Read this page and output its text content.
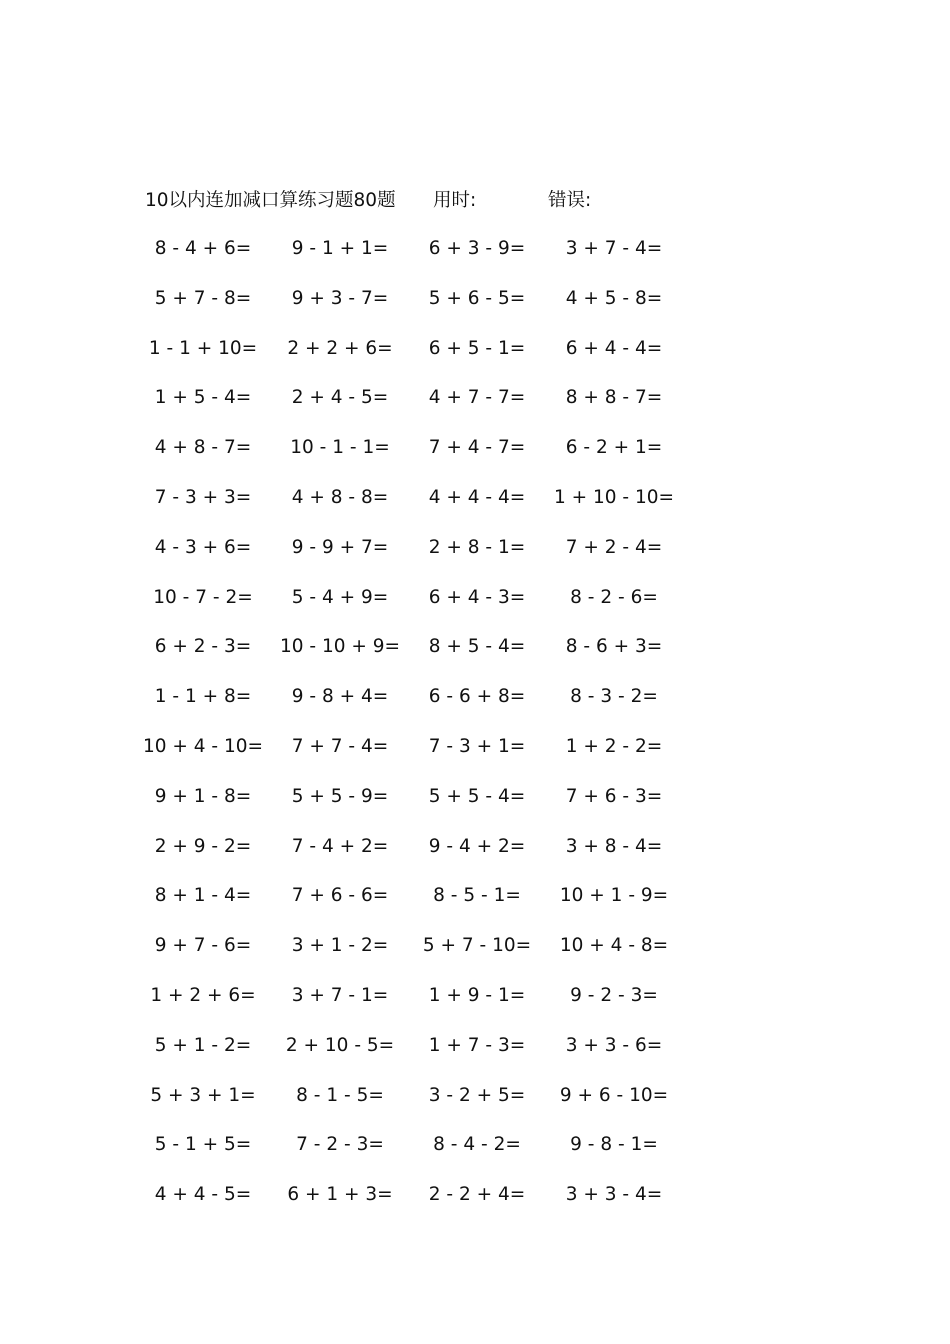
10以内连加减口算练习题80题 用时:	错误:
8 - 4 + 6=	9 - 1 + 1=	6 + 3 - 9=	3 + 7 - 4=
5 + 7 - 8=	9 + 3 - 7=	5 + 6 - 5=	4 + 5 - 8=
1 - 1 + 10=	2 + 2 + 6=	6 + 5 - 1=	6 + 4 - 4=
1 + 5 - 4=	2 + 4 - 5=	4 + 7 - 7=	8 + 8 - 7=
4 + 8 - 7=	10 - 1 - 1=	7 + 4 - 7=	6 - 2 + 1=
7 - 3 + 3=	4 + 8 - 8=	4 + 4 - 4=	1 + 10 - 10=
4 - 3 + 6=	9 - 9 + 7=	2 + 8 - 1=	7 + 2 - 4=
10 - 7 - 2=	5 - 4 + 9=	6 + 4 - 3=	8 - 2 - 6=
6 + 2 - 3=	10 - 10 + 9=	8 + 5 - 4=	8 - 6 + 3=
1 - 1 + 8=	9 - 8 + 4=	6 - 6 + 8=	8 - 3 - 2=
10 + 4 - 10=	7 + 7 - 4=	7 - 3 + 1=	1 + 2 - 2=
9 + 1 - 8=	5 + 5 - 9=	5 + 5 - 4=	7 + 6 - 3=
2 + 9 - 2=	7 - 4 + 2=	9 - 4 + 2=	3 + 8 - 4=
8 + 1 - 4=	7 + 6 - 6=	8 - 5 - 1=	10 + 1 - 9=
9 + 7 - 6=	3 + 1 - 2=	5 + 7 - 10=	10 + 4 - 8=
1 + 2 + 6=	3 + 7 - 1=	1 + 9 - 1=	9 - 2 - 3=
5 + 1 - 2=	2 + 10 - 5=	1 + 7 - 3=	3 + 3 - 6=
5 + 3 + 1=	8 - 1 - 5=	3 - 2 + 5=	9 + 6 - 10=
5 - 1 + 5=	7 - 2 - 3=	8 - 4 - 2=	9 - 8 - 1=
4 + 4 - 5=	6 + 1 + 3=	2 - 2 + 4=	3 + 3 - 4=
